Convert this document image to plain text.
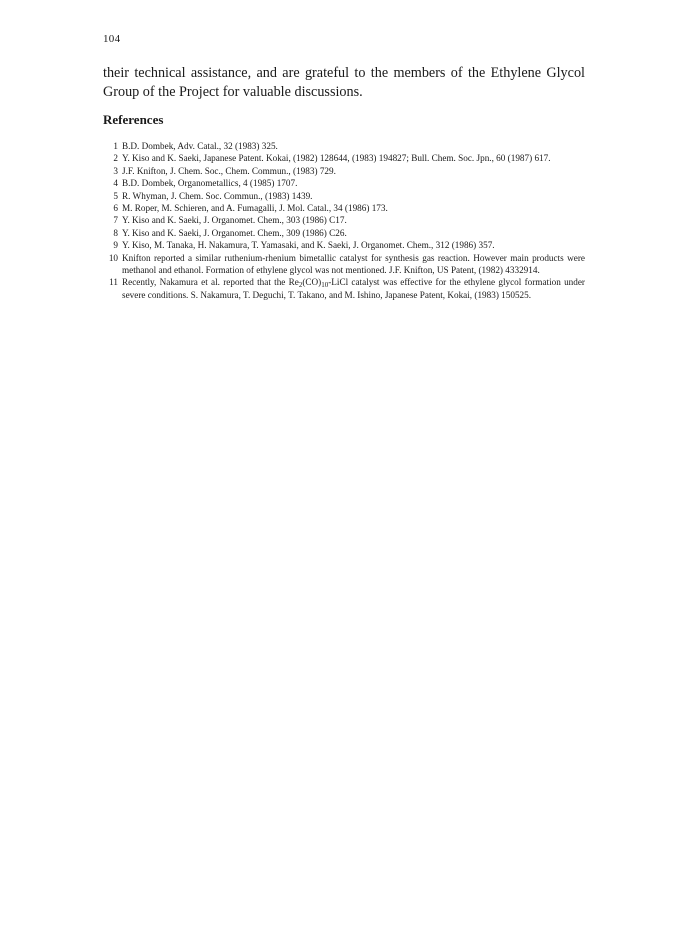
104

their technical assistance, and are grateful to the members of the Ethylene Glycol Group of the Project for valuable discussions.

References
1 B.D. Dombek, Adv. Catal., 32 (1983) 325.
2 Y. Kiso and K. Saeki, Japanese Patent. Kokai, (1982) 128644, (1983) 194827; Bull. Chem. Soc. Jpn., 60 (1987) 617.
3 J.F. Knifton, J. Chem. Soc., Chem. Commun., (1983) 729.
4 B.D. Dombek, Organometallics, 4 (1985) 1707.
5 R. Whyman, J. Chem. Soc. Commun., (1983) 1439.
6 M. Roper, M. Schieren, and A. Fumagalli, J. Mol. Catal., 34 (1986) 173.
7 Y. Kiso and K. Saeki, J. Organomet. Chem., 303 (1986) C17.
8 Y. Kiso and K. Saeki, J. Organomet. Chem., 309 (1986) C26.
9 Y. Kiso, M. Tanaka, H. Nakamura, T. Yamasaki, and K. Saeki, J. Organomet. Chem., 312 (1986) 357.
10 Knifton reported a similar ruthenium-rhenium bimetallic catalyst for synthesis gas reaction. However main products were methanol and ethanol. Formation of ethylene glycol was not mentioned. J.F. Knifton, US Patent, (1982) 4332914.
11 Recently, Nakamura et al. reported that the $Re_2(CO)_{10}$-LiCl catalyst was effective for the ethylene glycol formation under severe conditions. S. Nakamura, T. Deguchi, T. Takano, and M. Ishino, Japanese Patent, Kokai, (1983) 150525.
